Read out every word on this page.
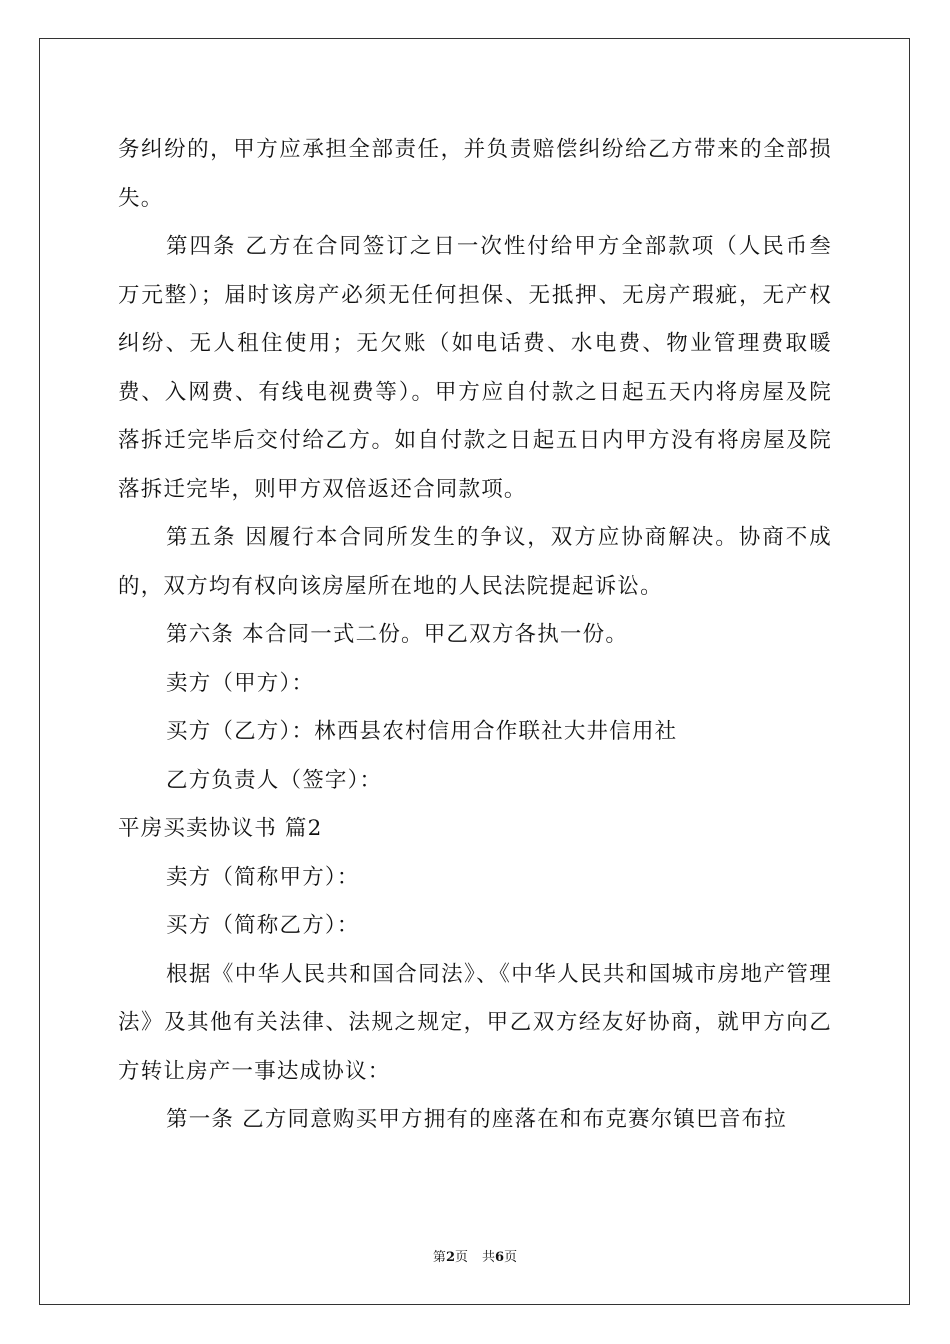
务纠纷的，甲方应承担全部责任，并负责赔偿纠纷给乙方带来的全部损失。

第四条 乙方在合同签订之日一次性付给甲方全部款项（人民币叁万元整）；届时该房产必须无任何担保、无抵押、无房产瑕疵，无产权纠纷、无人租住使用；无欠账（如电话费、水电费、物业管理费取暖费、入网费、有线电视费等）。甲方应自付款之日起五天内将房屋及院落拆迁完毕后交付给乙方。如自付款之日起五日内甲方没有将房屋及院落拆迁完毕，则甲方双倍返还合同款项。

第五条 因履行本合同所发生的争议，双方应协商解决。协商不成的，双方均有权向该房屋所在地的人民法院提起诉讼。

第六条 本合同一式二份。甲乙双方各执一份。

卖方（甲方）：

买方（乙方）：林西县农村信用合作联社大井信用社

乙方负责人（签字）：

平房买卖协议书 篇2

卖方（简称甲方）：

买方（简称乙方）：

根据《中华人民共和国合同法》、《中华人民共和国城市房地产管理法》及其他有关法律、法规之规定，甲乙双方经友好协商，就甲方向乙方转让房产一事达成协议：

第一条 乙方同意购买甲方拥有的座落在和布克赛尔镇巴音布拉

第2页 共6页
